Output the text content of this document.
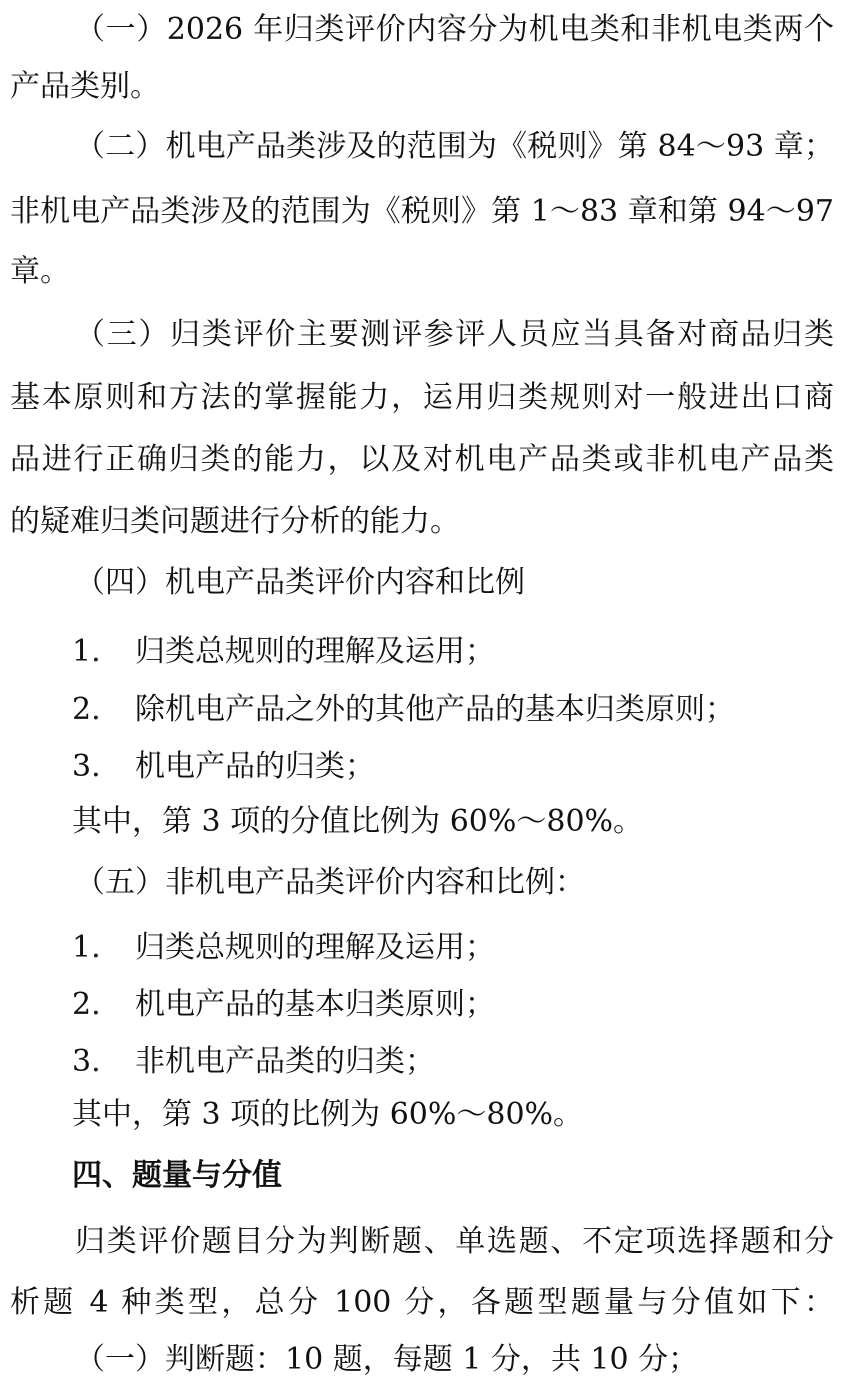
（一）2026 年归类评价内容分为机电类和非机电类两个
产品类别。
（二）机电产品类涉及的范围为《税则》第 84～93 章；
非机电产品类涉及的范围为《税则》第 1～83 章和第 94～97
章。
（三）归类评价主要测评参评人员应当具备对商品归类
基本原则和方法的掌握能力，运用归类规则对一般进出口商
品进行正确归类的能力，以及对机电产品类或非机电产品类
的疑难归类问题进行分析的能力。
（四）机电产品类评价内容和比例
1. 归类总规则的理解及运用；
2. 除机电产品之外的其他产品的基本归类原则；
3. 机电产品的归类；
其中，第 3 项的分值比例为 60%～80%。
（五）非机电产品类评价内容和比例：
1. 归类总规则的理解及运用；
2. 机电产品的基本归类原则；
3. 非机电产品类的归类；
其中，第 3 项的比例为 60%～80%。
四、题量与分值
归类评价题目分为判断题、单选题、不定项选择题和分
析题 4 种类型，总分 100 分，各题型题量与分值如下：
（一）判断题：10 题，每题 1 分，共 10 分；
